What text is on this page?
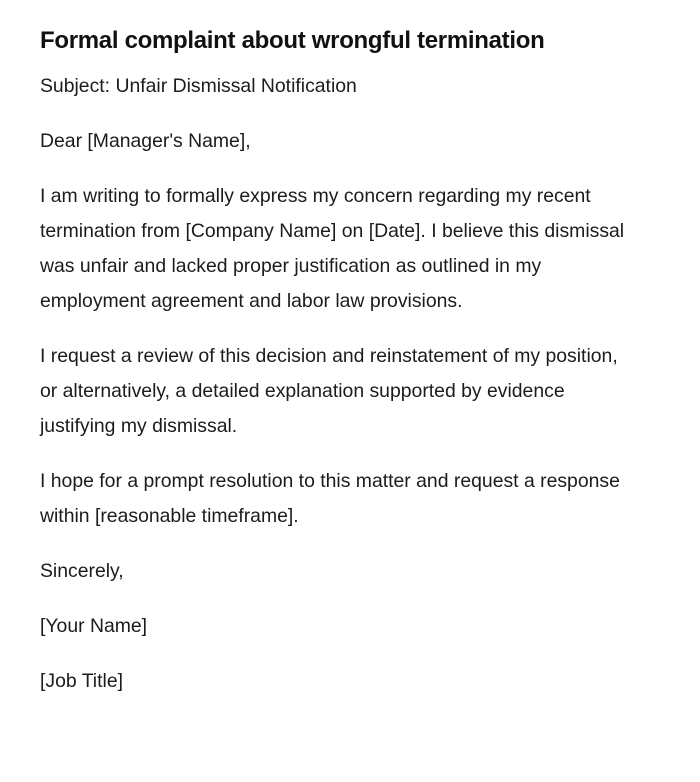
Formal complaint about wrongful termination

Subject: Unfair Dismissal Notification

Dear [Manager's Name],

I am writing to formally express my concern regarding my recent termination from [Company Name] on [Date]. I believe this dismissal was unfair and lacked proper justification as outlined in my employment agreement and labor law provisions.

I request a review of this decision and reinstatement of my position, or alternatively, a detailed explanation supported by evidence justifying my dismissal.

I hope for a prompt resolution to this matter and request a response within [reasonable timeframe].

Sincerely,

[Your Name]

[Job Title]
